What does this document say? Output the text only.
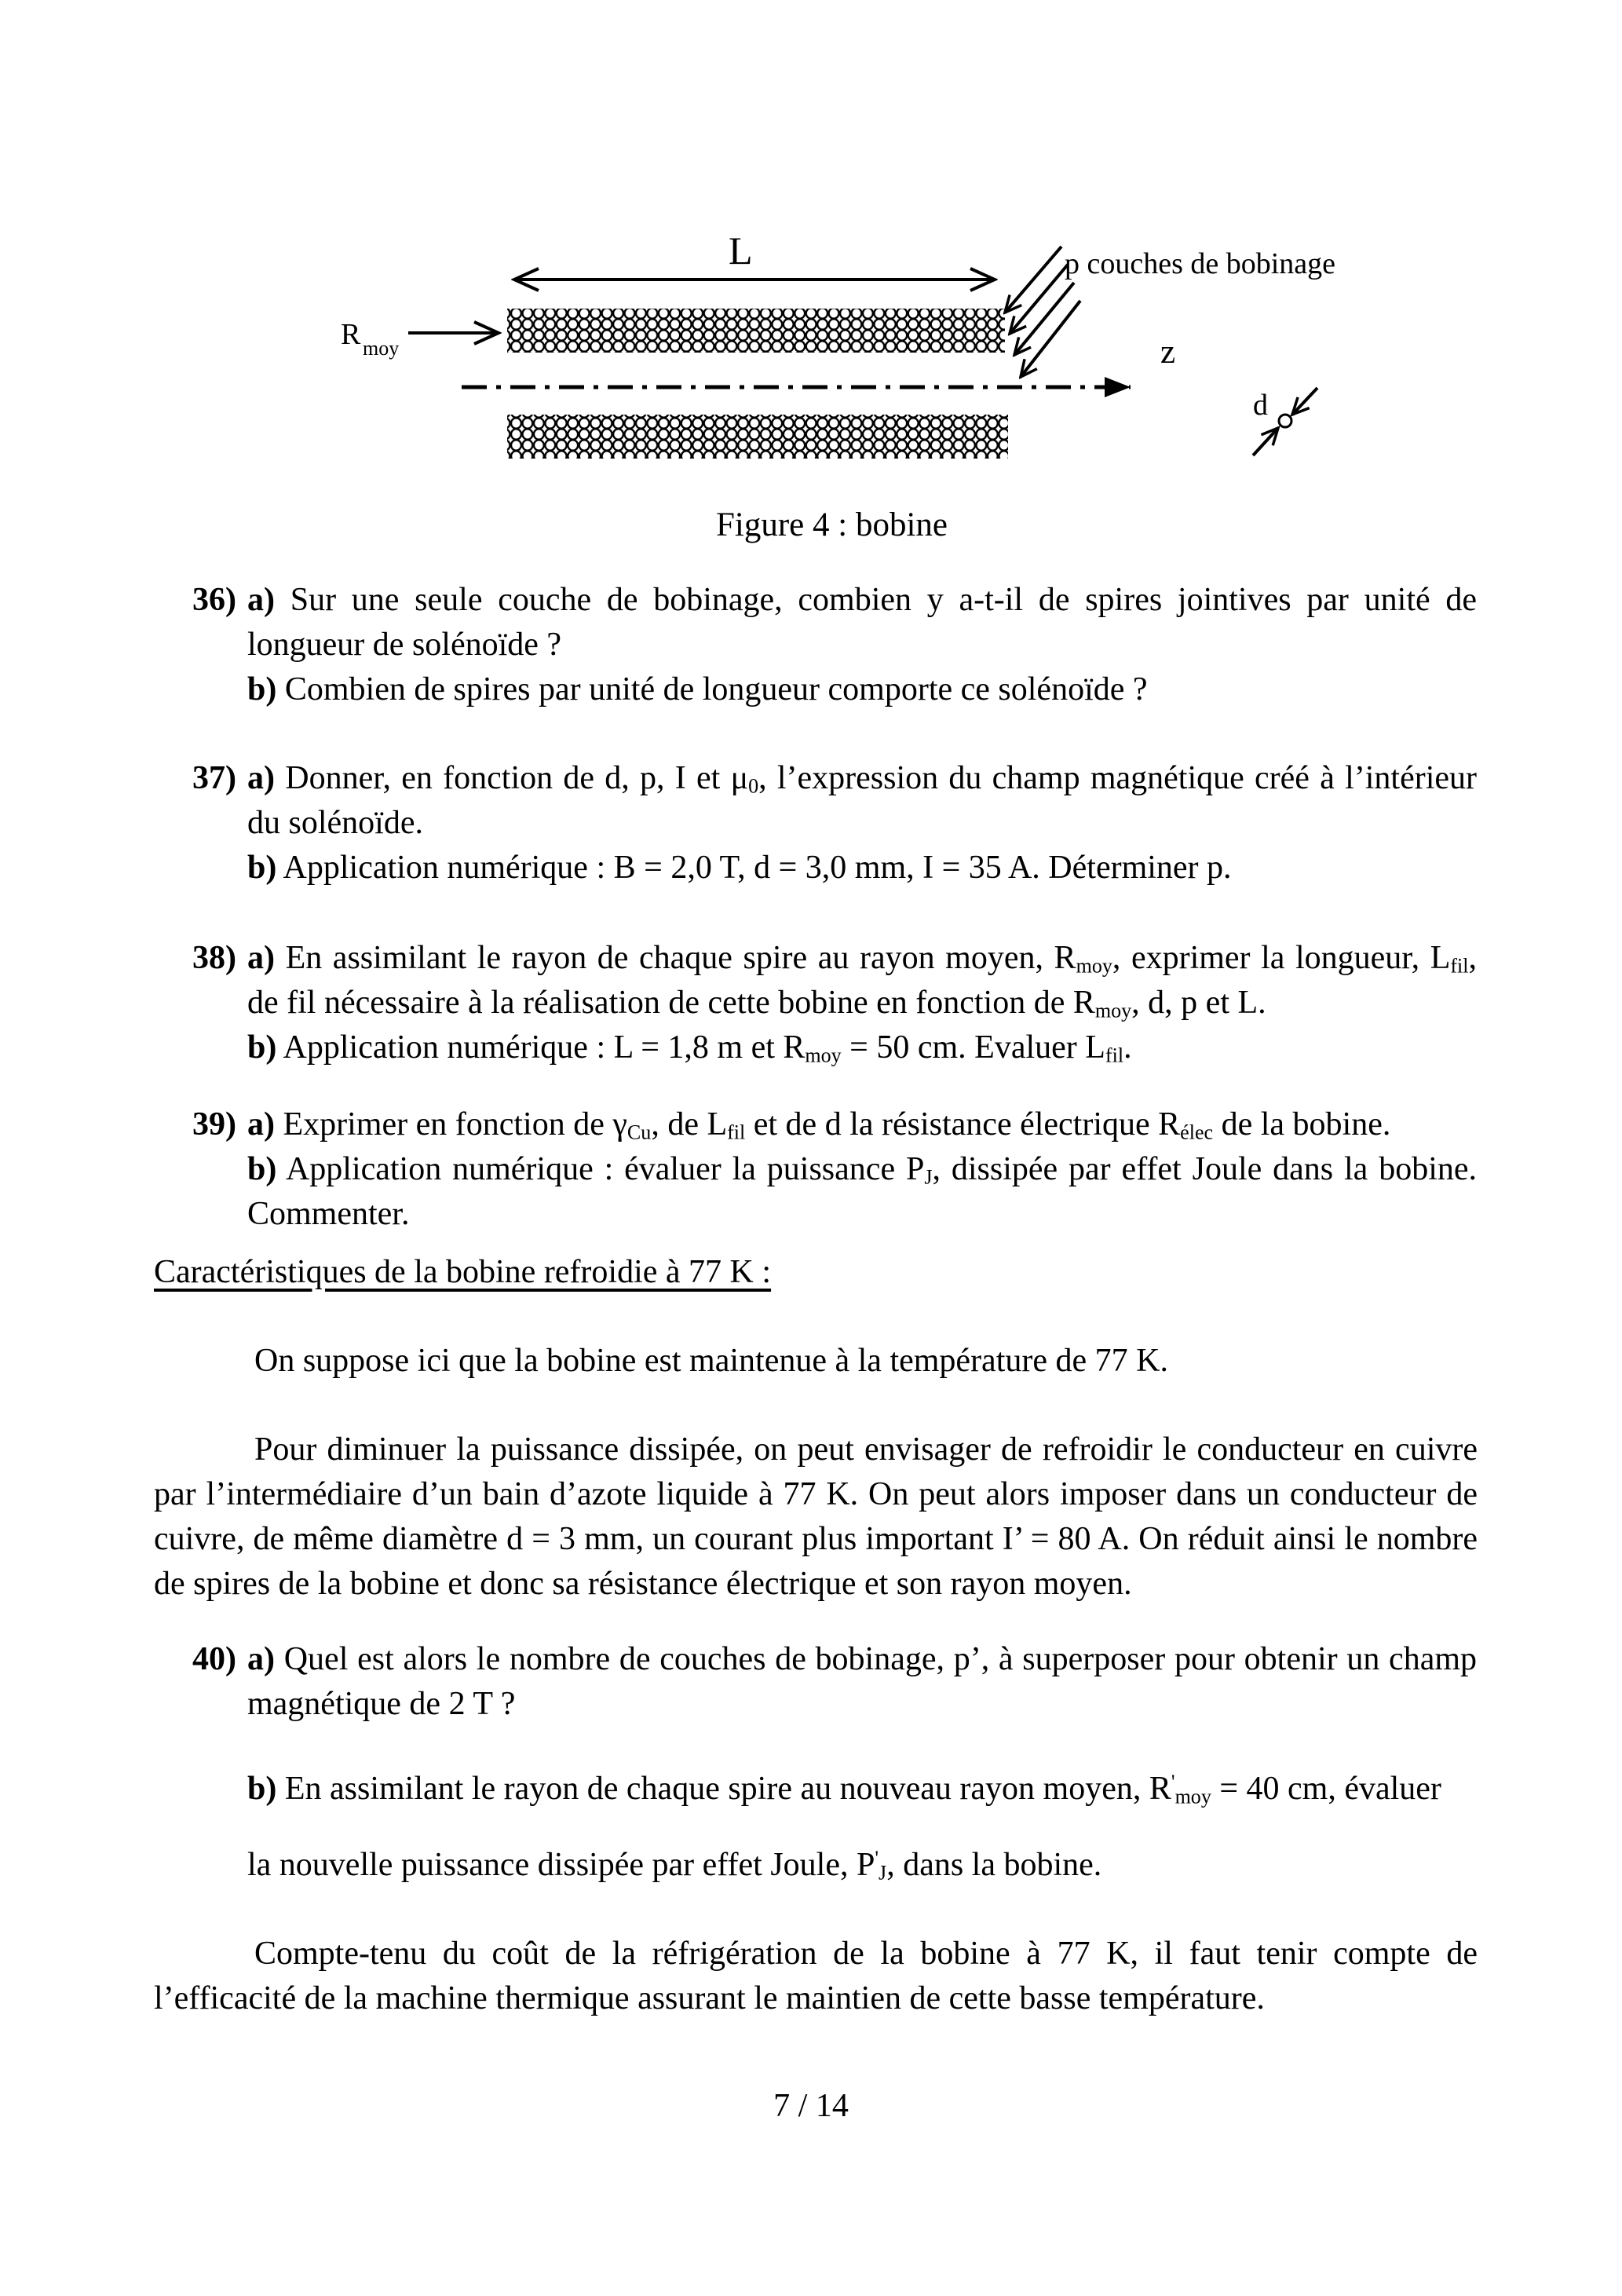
L
R moy	z
p couches de bobinage
d
Figure 4 : bobine
36) a) Sur une seule couche de bobinage, combien y a-t-il de spires jointives par unité de longueur de solénoïde ?

b) Combien de spires par unité de longueur comporte ce solénoïde ?

37) a) Donner, en fonction de d, p, I et $\mu_0$, l’expression du champ magnétique créé à l’intérieur du solénoïde.

b) Application numérique : B = 2,0 T, d = 3,0 mm, I = 35 A. Déterminer p.

38) a) En assimilant le rayon de chaque spire au rayon moyen, $R_{moy}$, exprimer la longueur, $L_{fil}$, de fil nécessaire à la réalisation de cette bobine en fonction de $R_{moy}$, d, p et L.

b) Application numérique : L = 1,8 m et $R_{moy} = 50$ cm. Evaluer $L_{fil}$.

39) a) Exprimer en fonction de $\gamma_{Cu}$, de $L_{fil}$ et de d la résistance électrique $R_{élec}$ de la bobine.

b) Application numérique : évaluer la puissance $P_J$, dissipée par effet Joule dans la bobine. Commenter.

Caractéristiques de la bobine refroidie à 77 K :

On suppose ici que la bobine est maintenue à la température de 77 K.

Pour diminuer la puissance dissipée, on peut envisager de refroidir le conducteur en cuivre par l’intermédiaire d’un bain d’azote liquide à 77 K. On peut alors imposer dans un conducteur de cuivre, de même diamètre d = 3 mm, un courant plus important I’ = 80 A. On réduit ainsi le nombre de spires de la bobine et donc sa résistance électrique et son rayon moyen.

40) a) Quel est alors le nombre de couches de bobinage, p’, à superposer pour obtenir un champ magnétique de 2 T ?

b) En assimilant le rayon de chaque spire au nouveau rayon moyen, $R'_{moy} = 40$ cm, évaluer
la nouvelle puissance dissipée par effet Joule, $P'_J$, dans la bobine.

Compte-tenu du coût de la réfrigération de la bobine à 77 K, il faut tenir compte de l’efficacité de la machine thermique assurant le maintien de cette basse température.

7 / 14
